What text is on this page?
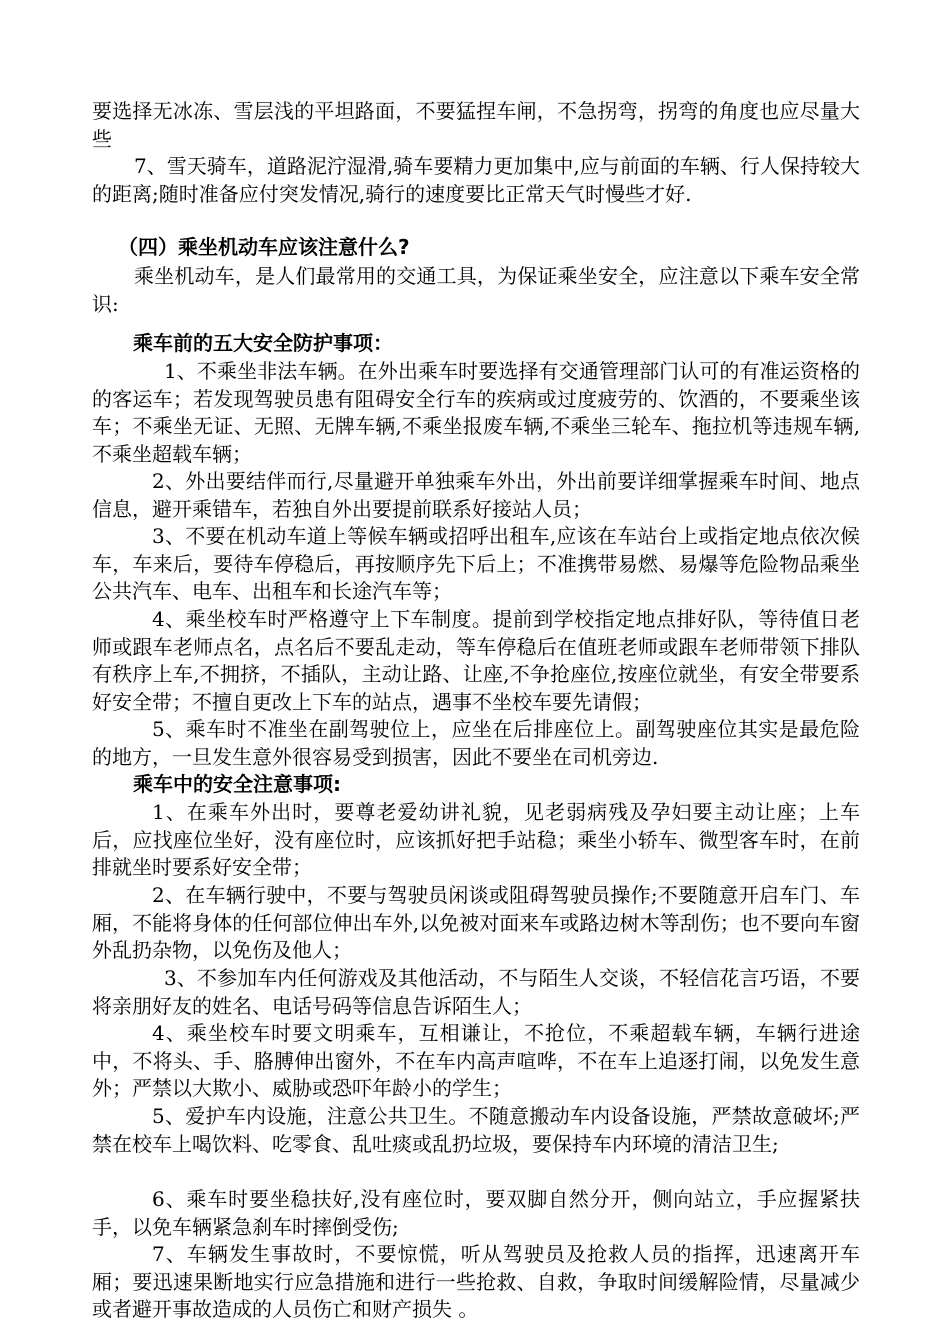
要选择无冰冻、雪层浅的平坦路面，不要猛捏车闸，不急拐弯，拐弯的角度也应尽量大些

7、雪天骑车，道路泥泞湿滑,骑车要精力更加集中,应与前面的车辆、行人保持较大的距离;随时准备应付突发情况,骑行的速度要比正常天气时慢些才好.

（四）乘坐机动车应该注意什么?

乘坐机动车，是人们最常用的交通工具，为保证乘坐安全，应注意以下乘车安全常识:

乘车前的五大安全防护事项：

1、不乘坐非法车辆。在外出乘车时要选择有交通管理部门认可的有准运资格的的客运车；若发现驾驶员患有阻碍安全行车的疾病或过度疲劳的、饮酒的，不要乘坐该车；不乘坐无证、无照、无牌车辆,不乘坐报废车辆,不乘坐三轮车、拖拉机等违规车辆,不乘坐超载车辆；

2、外出要结伴而行,尽量避开单独乘车外出，外出前要详细掌握乘车时间、地点信息，避开乘错车，若独自外出要提前联系好接站人员；

3、不要在机动车道上等候车辆或招呼出租车,应该在车站台上或指定地点依次候车，车来后，要待车停稳后，再按顺序先下后上；不准携带易燃、易爆等危险物品乘坐公共汽车、电车、出租车和长途汽车等；

4、乘坐校车时严格遵守上下车制度。提前到学校指定地点排好队，等待值日老师或跟车老师点名，点名后不要乱走动，等车停稳后在值班老师或跟车老师带领下排队有秩序上车,不拥挤，不插队，主动让路、让座,不争抢座位,按座位就坐，有安全带要系好安全带；不擅自更改上下车的站点，遇事不坐校车要先请假；

5、乘车时不准坐在副驾驶位上，应坐在后排座位上。副驾驶座位其实是最危险的地方，一旦发生意外很容易受到损害，因此不要坐在司机旁边.

乘车中的安全注意事项:

1、在乘车外出时，要尊老爱幼讲礼貌，见老弱病残及孕妇要主动让座；上车后，应找座位坐好，没有座位时，应该抓好把手站稳；乘坐小轿车、微型客车时，在前排就坐时要系好安全带；

2、在车辆行驶中，不要与驾驶员闲谈或阻碍驾驶员操作;不要随意开启车门、车厢，不能将身体的任何部位伸出车外,以免被对面来车或路边树木等刮伤；也不要向车窗外乱扔杂物，以免伤及他人；

3、不参加车内任何游戏及其他活动，不与陌生人交谈，不轻信花言巧语，不要将亲朋好友的姓名、电话号码等信息告诉陌生人；

4、乘坐校车时要文明乘车，互相谦让，不抢位，不乘超载车辆，车辆行进途中，不将头、手、胳膊伸出窗外，不在车内高声喧哗，不在车上追逐打闹，以免发生意外；严禁以大欺小、威胁或恐吓年龄小的学生；

5、爱护车内设施，注意公共卫生。不随意搬动车内设备设施，严禁故意破坏;严禁在校车上喝饮料、吃零食、乱吐痰或乱扔垃圾，要保持车内环境的清洁卫生;

6、乘车时要坐稳扶好,没有座位时，要双脚自然分开，侧向站立，手应握紧扶手，以免车辆紧急刹车时摔倒受伤;

7、车辆发生事故时，不要惊慌，听从驾驶员及抢救人员的指挥，迅速离开车厢；要迅速果断地实行应急措施和进行一些抢救、自救，争取时间缓解险情，尽量减少或者避开事故造成的人员伤亡和财产损失 。
